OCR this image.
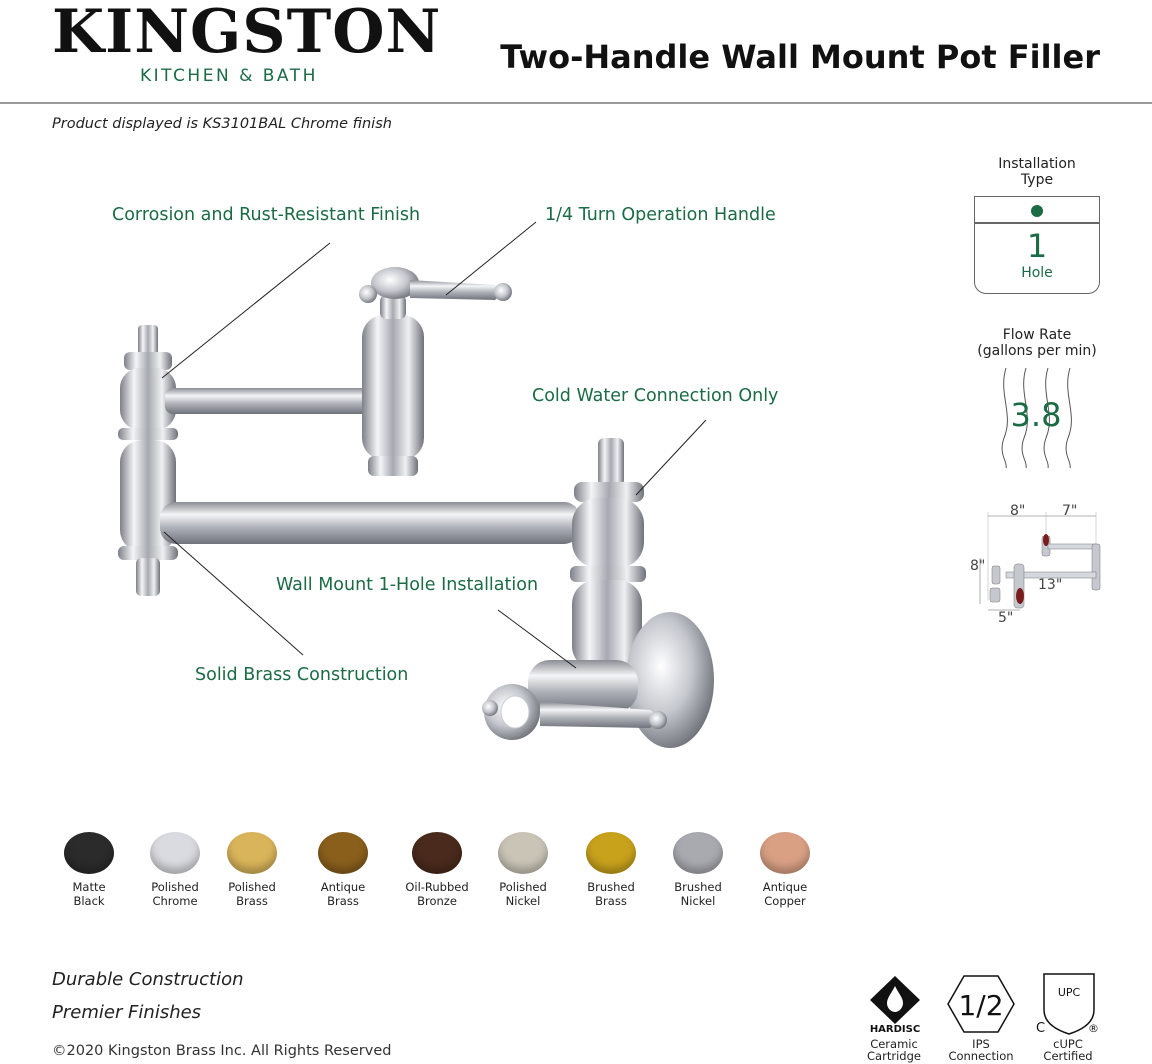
KINGSTON
KITCHEN & BATH	Two-Handle Wall Mount Pot Filler
Product displayed is KS3101BAL Chrome finish
Corrosion and Rust-Resistant Finish	1/4 Turn Operation Handle
Cold Water Connection Only
Wall Mount 1-Hole Installation
Solid Brass Construction
Installation
Type
1
Hole
Flow Rate
(gallons per min)
3.8
8"	7"
8"
13"
5"
Matte
Black
Polished
Chrome
Polished
Brass
Antique
Brass
Oil-Rubbed
Bronze
Polished
Nickel
Brushed
Brass
Brushed
Nickel
Antique
Copper
Durable Construction
Premier Finishes
©2020 Kingston Brass Inc. All Rights Reserved
HARDISC
Ceramic
Cartridge
1/2
IPS
Connection
UPC
C	®
cUPC
Certified
